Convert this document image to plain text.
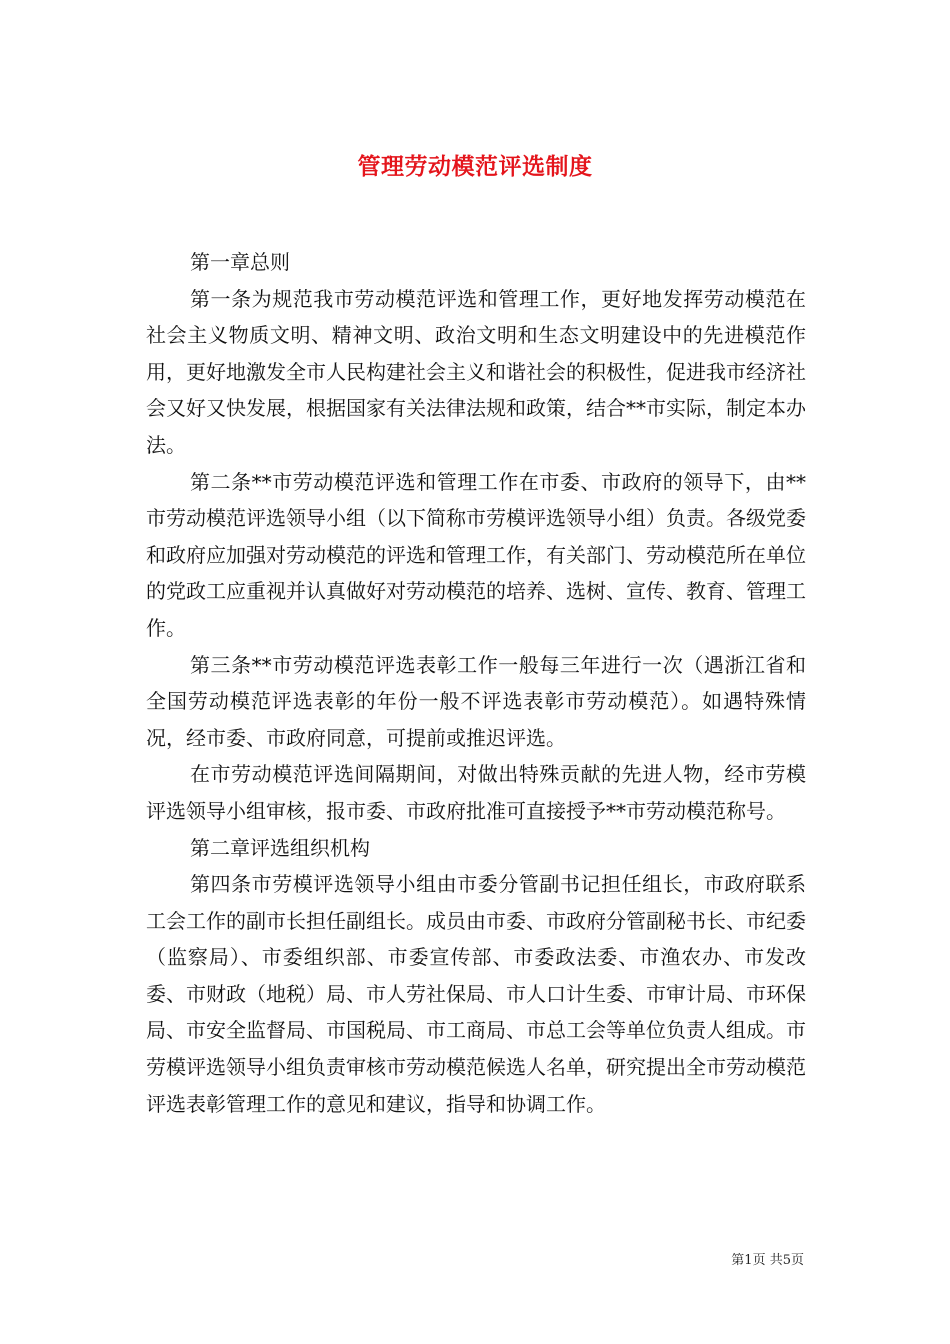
管理劳动模范评选制度

第一章总则

第一条为规范我市劳动模范评选和管理工作，更好地发挥劳动模范在社会主义物质文明、精神文明、政治文明和生态文明建设中的先进模范作用，更好地激发全市人民构建社会主义和谐社会的积极性，促进我市经济社会又好又快发展，根据国家有关法律法规和政策，结合**市实际，制定本办法。

第二条**市劳动模范评选和管理工作在市委、市政府的领导下，由**市劳动模范评选领导小组（以下简称市劳模评选领导小组）负责。各级党委和政府应加强对劳动模范的评选和管理工作，有关部门、劳动模范所在单位的党政工应重视并认真做好对劳动模范的培养、选树、宣传、教育、管理工作。

第三条**市劳动模范评选表彰工作一般每三年进行一次（遇浙江省和全国劳动模范评选表彰的年份一般不评选表彰市劳动模范）。如遇特殊情况，经市委、市政府同意，可提前或推迟评选。

在市劳动模范评选间隔期间，对做出特殊贡献的先进人物，经市劳模评选领导小组审核，报市委、市政府批准可直接授予**市劳动模范称号。

第二章评选组织机构

第四条市劳模评选领导小组由市委分管副书记担任组长，市政府联系工会工作的副市长担任副组长。成员由市委、市政府分管副秘书长、市纪委（监察局）、市委组织部、市委宣传部、市委政法委、市渔农办、市发改委、市财政（地税）局、市人劳社保局、市人口计生委、市审计局、市环保局、市安全监督局、市国税局、市工商局、市总工会等单位负责人组成。市劳模评选领导小组负责审核市劳动模范候选人名单，研究提出全市劳动模范评选表彰管理工作的意见和建议，指导和协调工作。

第1页 共5页
